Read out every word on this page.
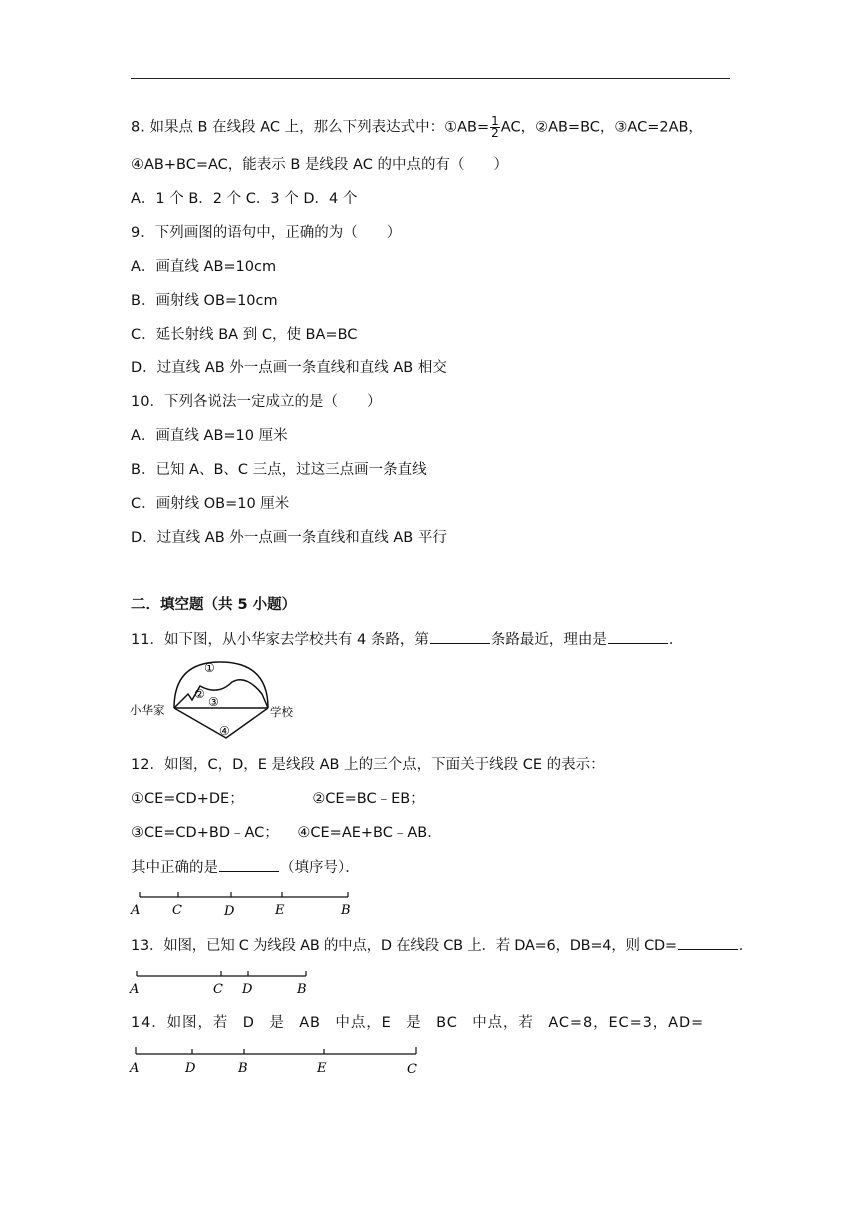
8. 如果点 B 在线段 AC 上，那么下列表达式中：①AB= $\frac{1}{2}$ AC，②AB=BC，③AC=2AB，
④AB+BC=AC，能表示 B 是线段 AC 的中点的有（　　）
A．1 个 B．2 个 C．3 个 D．4 个
9．下列画图的语句中，正确的为（　　）
A．画直线 AB=10cm
B．画射线 OB=10cm
C．延长射线 BA 到 C，使 BA=BC
D．过直线 AB 外一点画一条直线和直线 AB 相交
10．下列各说法一定成立的是（　　）
A．画直线 AB=10 厘米
B．已知 A、B、C 三点，过这三点画一条直线
C．画射线 OB=10 厘米
D．过直线 AB 外一点画一条直线和直线 AB 平行
二．填空题（共 5 小题）
11．如下图，从小华家去学校共有 4 条路，第	条路最近，理由是	．
小华家	学校
①
②
③
④
12．如图，C，D，E 是线段 AB 上的三个点，下面关于线段 CE 的表示：
①CE=CD+DE；	②CE=BC﹣EB；
③CE=CD+BD﹣AC； ④CE=AE+BC﹣AB．
其中正确的是	（填序号）．
A C	D	E	B
13．如图，已知 C 为线段 AB 的中点，D 在线段 CB 上．若 DA=6，DB=4，则 CD=	．
A	C D	B
14．如图，若 D 是 AB 中点，E 是 BC 中点，若 AC=8，EC=3，AD=
A	D	B	E	C
